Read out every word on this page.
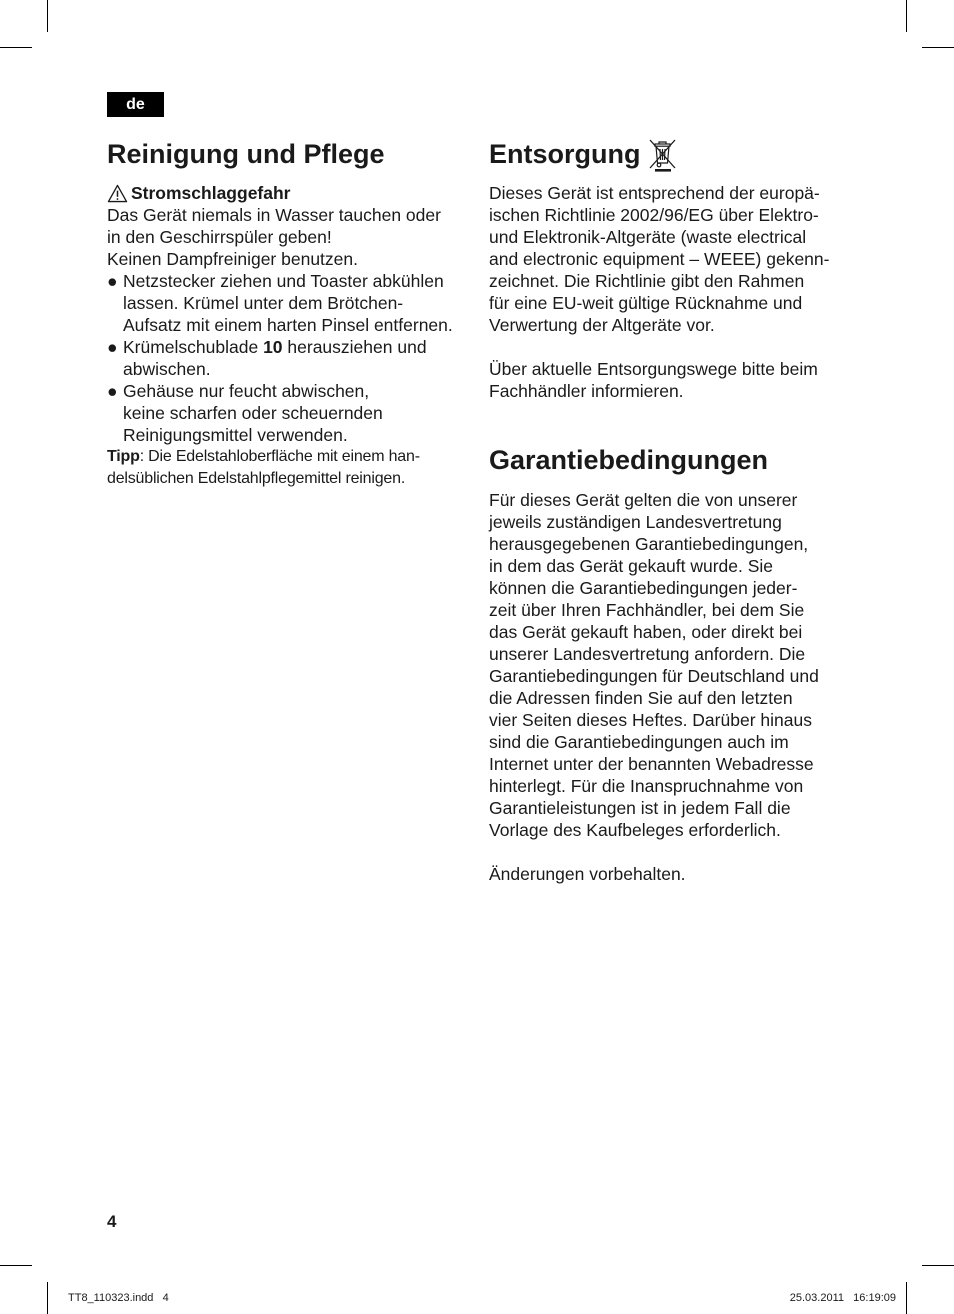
de
Reinigung und Pflege
Stromschlaggefahr

Das Gerät niemals in Wasser tauchen oder

in den Geschirrspüler geben!

Keinen Dampfreiniger benutzen.

● Netzstecker ziehen und Toaster abkühlen
lassen. Krümel unter dem Brötchen-
Aufsatz mit einem harten Pinsel entfernen.
● Krümelschublade 10 herausziehen und
abwischen.
● Gehäuse nur feucht abwischen,
keine scharfen oder scheuernden
Reinigungsmittel verwenden.
Tipp: Die Edelstahloberfläche mit einem han-
delsüblichen Edelstahlpflegemittel reinigen.
Entsorgung

Dieses Gerät ist entsprechend der europä-

ischen Richtlinie 2002/96/EG über Elektro-

und Elektronik-Altgeräte (waste electrical

and electronic equipment – WEEE) gekenn-

zeichnet. Die Richtlinie gibt den Rahmen

für eine EU-weit gültige Rücknahme und

Verwertung der Altgeräte vor.

Über aktuelle Entsorgungswege bitte beim

Fachhändler informieren.

Garantiebedingungen

Für dieses Gerät gelten die von unserer

jeweils zuständigen Landesvertretung

herausgegebenen Garantiebedingungen,

in dem das Gerät gekauft wurde. Sie

können die Garantiebedingungen jeder-

zeit über Ihren Fachhändler, bei dem Sie

das Gerät gekauft haben, oder direkt bei

unserer Landesvertretung anfordern. Die

Garantiebedingungen für Deutschland und

die Adressen finden Sie auf den letzten

vier Seiten dieses Heftes. Darüber hinaus

sind die Garantiebedingungen auch im

Internet unter der benannten Webadresse

hinterlegt. Für die Inanspruchnahme von

Garantieleistungen ist in jedem Fall die

Vorlage des Kaufbeleges erforderlich.

Änderungen vorbehalten.

4
TT8_110323.indd   4	25.03.2011   16:19:09
